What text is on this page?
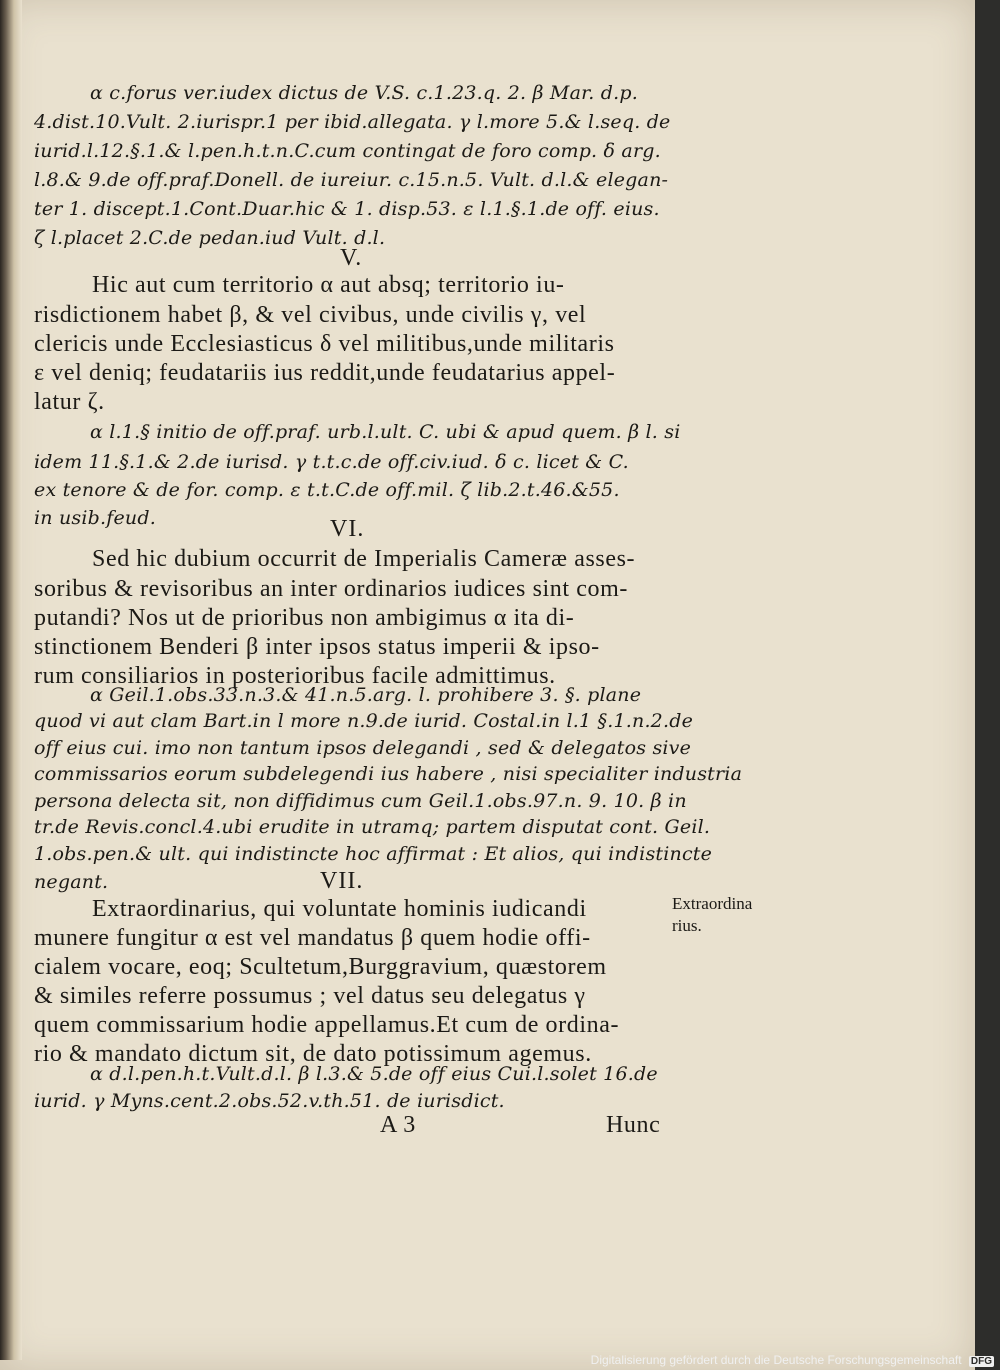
α c.forus ver.iudex dictus de V.S. c.1.23.q. 2. β Mar. d.p.
4.dist.10.Vult. 2.iurispr.1 per ibid.allegata. γ l.more 5.& l.seq. de
iurid.l.12.§.1.& l.pen.h.t.n.C.cum contingat de foro comp. δ arg.
l.8.& 9.de off.praf.Donell. de iureiur. c.15.n.5. Vult. d.l.& elegan-
ter 1. discept.1.Cont.Duar.hic & 1. disp.53. ε l.1.§.1.de off. eius.
ζ l.placet 2.C.de pedan.iud Vult. d.l.
V.
Hic aut cum territorio α aut absq; territorio iu-
risdictionem habet β, & vel civibus, unde civilis γ, vel
clericis unde Ecclesiasticus δ vel militibus,unde militaris
ε vel deniq; feudatariis ius reddit,unde feudatarius appel-
latur ζ.
α l.1.§ initio de off.praf. urb.l.ult. C. ubi & apud quem. β l. si
idem 11.§.1.& 2.de iurisd. γ t.t.c.de off.civ.iud. δ c. licet & C.
ex tenore & de for. comp. ε t.t.C.de off.mil. ζ lib.2.t.46.&55.
in usib.feud.	VI.
Sed hic dubium occurrit de Imperialis Cameræ asses-
soribus & revisoribus an inter ordinarios iudices sint com-
putandi? Nos ut de prioribus non ambigimus α ita di-
stinctionem Benderi β inter ipsos status imperii & ipso-
rum consiliarios in posterioribus facile admittimus.
α Geil.1.obs.33.n.3.& 41.n.5.arg. l. prohibere 3. §. plane
quod vi aut clam Bart.in l more n.9.de iurid. Costal.in l.1 §.1.n.2.de
off eius cui. imo non tantum ipsos delegandi , sed & delegatos sive
commissarios eorum subdelegendi ius habere , nisi specialiter industria
persona delecta sit, non diffidimus cum Geil.1.obs.97.n. 9. 10. β in
tr.de Revis.concl.4.ubi erudite in utramq; partem disputat cont. Geil.
1.obs.pen.& ult. qui indistincte hoc affirmat : Et alios, qui indistincte
negant.	VII.
Extraordinarius, qui voluntate hominis iudicandi
munere fungitur α est vel mandatus β quem hodie offi-
cialem vocare, eoq; Scultetum,Burggravium, quæstorem
& similes referre possumus ; vel datus seu delegatus γ
quem commissarium hodie appellamus.Et cum de ordina-
rio & mandato dictum sit, de dato potissimum agemus.
α d.l.pen.h.t.Vult.d.l. β l.3.& 5.de off eius Cui.l.solet 16.de
iurid. γ Myns.cent.2.obs.52.v.th.51. de iurisdict.
Extraordina
rius.
A 3	Hunc
Digitalisierung gefördert durch die Deutsche Forschungsgemeinschaft DFG
